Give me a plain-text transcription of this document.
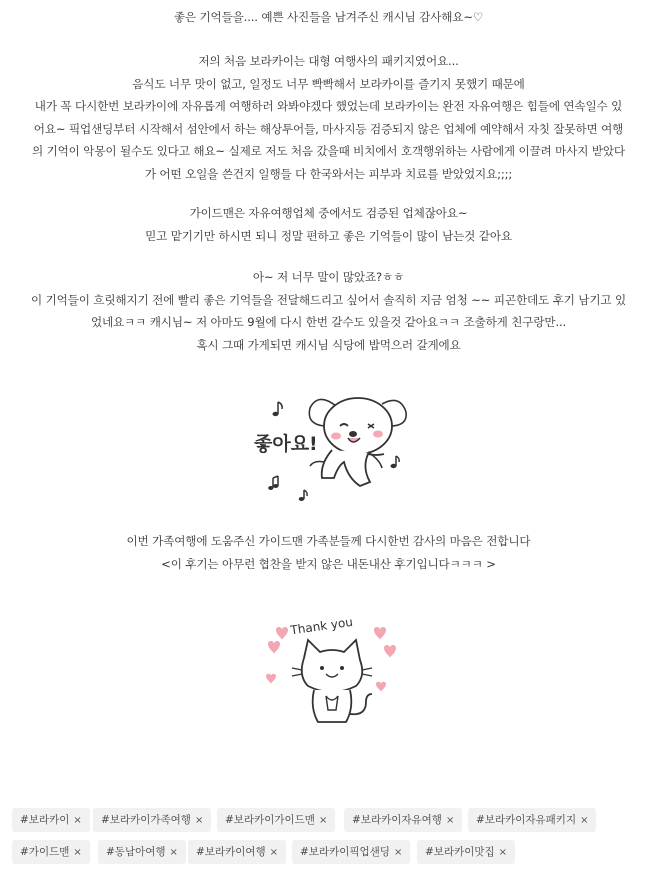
좋은 기억들을.... 예쁜 사진들을 남겨주신 캐시님 감사해요~♡
저의 처음 보라카이는 대형 여행사의 패키지였어요...
음식도 너무 맛이 없고, 일정도 너무 빡빡해서 보라카이를 즐기지 못했기 때문에
내가 꼭 다시한번 보라카이에 자유롭게 여행하러 와봐야겠다 했었는데 보라카이는 완전 자유여행은 힘들에 연속일수 있
어요~ 픽업샌딩부터 시작해서 섬안에서 하는 해상투어들, 마사지등 검증되지 않은 업체에 예약해서 자칫 잘못하면 여행
의 기억이 악몽이 될수도 있다고 해요~ 실제로 저도 처음 갔을때 비치에서 호객행위하는 사람에게 이끌려 마사지 받았다
가 어떤 오일을 쓴건지 일행들 다 한국와서는 피부과 치료를 받았었지요;;;;
가이드맨은 자유여행업체 중에서도 검증된 업체잖아요~
믿고 맡기기만 하시면 되니 정말 편하고 좋은 기억들이 많이 남는것 같아요
아~ 저 너무 말이 많았죠?ㅎㅎ
이 기억들이 흐릿해지기 전에 빨리 좋은 기억들을 전달해드리고 싶어서 솔직히 지금 엄청 ~~ 피곤한데도 후기 남기고 있
었네요ㅋㅋ 캐시님~ 저 아마도 9월에 다시 한번 갈수도 있을것 같아요ㅋㅋ 조출하게 친구랑만...
혹시 그때 가게되면 캐시님 식당에 밥먹으러 갈게에요
좋아요!
이번 가족여행에 도움주신 가이드맨 가족분들께 다시한번 감사의 마음은 전합니다
<이 후기는 아무런 협찬을 받지 않은 내돈내산 후기입니다ㅋㅋㅋ >
Thank you
#보라카이 ×	#보라카이가족여행 ×	#보라카이가이드맨 ×	#보라카이자유여행 ×	#보라카이자유패키지 ×
#가이드맨 ×	#동남아여행 ×	#보라카이여행 ×	#보라카이픽업샌딩 ×	#보라카이맛집 ×
